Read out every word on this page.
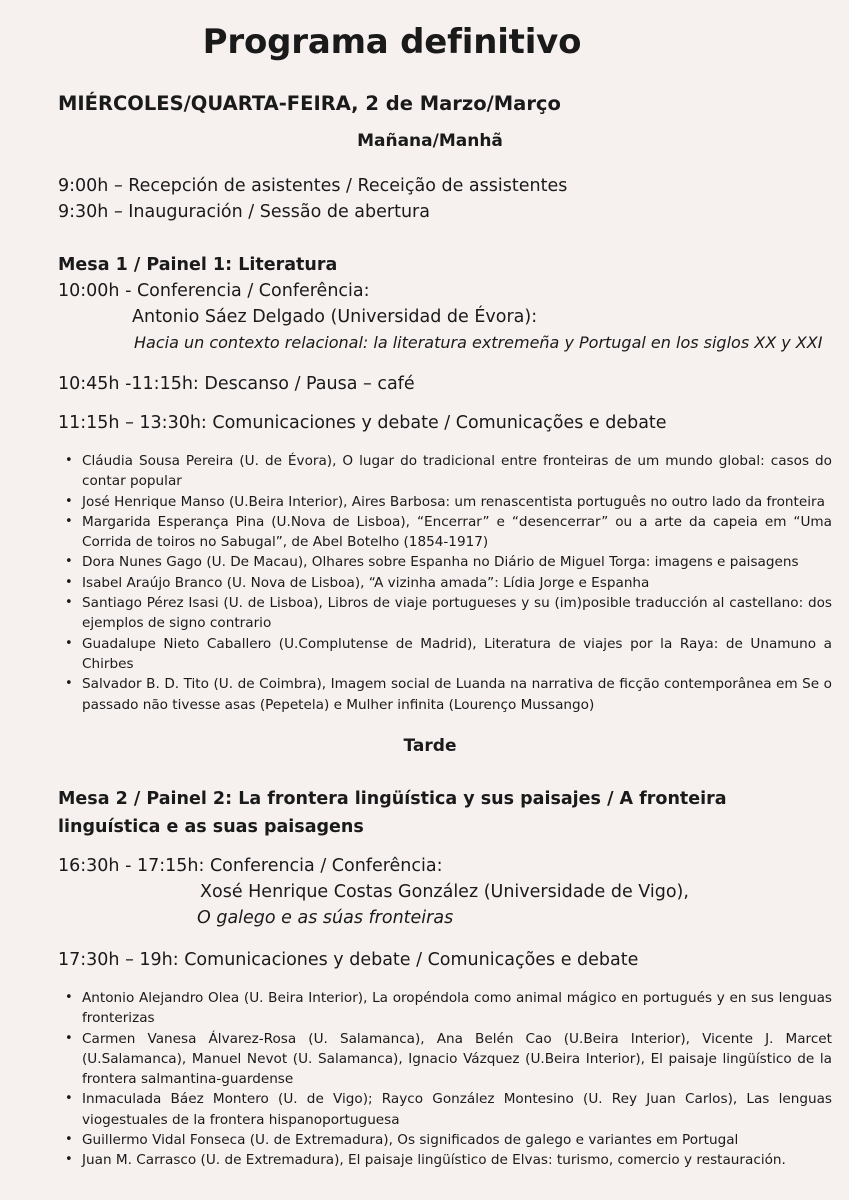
Programa definitivo
MIÉRCOLES/QUARTA-FEIRA, 2 de Marzo/Março
Mañana/Manhã
9:00h – Recepción de asistentes / Receição de assistentes
9:30h – Inauguración / Sessão de abertura
Mesa 1 / Painel 1: Literatura
10:00h - Conferencia / Conferência:
Antonio Sáez Delgado (Universidad de Évora):
Hacia un contexto relacional: la literatura extremeña y Portugal en los siglos XX y XXI
10:45h -11:15h: Descanso / Pausa – café
11:15h – 13:30h: Comunicaciones y debate / Comunicações e debate
• Cláudia Sousa Pereira (U. de Évora), O lugar do tradicional entre fronteiras de um mundo global: casos do contar popular
• José Henrique Manso (U.Beira Interior), Aires Barbosa: um renascentista português no outro lado da fronteira
• Margarida Esperança Pina (U.Nova de Lisboa), “Encerrar” e “desencerrar” ou a arte da capeia em “Uma Corrida de toiros no Sabugal”, de Abel Botelho (1854-1917)
• Dora Nunes Gago (U. De Macau), Olhares sobre Espanha no Diário de Miguel Torga: imagens e paisagens
• Isabel Araújo Branco (U. Nova de Lisboa), “A vizinha amada”: Lídia Jorge e Espanha
• Santiago Pérez Isasi (U. de Lisboa), Libros de viaje portugueses y su (im)posible traducción al castellano: dos ejemplos de signo contrario
• Guadalupe Nieto Caballero (U.Complutense de Madrid), Literatura de viajes por la Raya: de Unamuno a Chirbes
• Salvador B. D. Tito (U. de Coimbra), Imagem social de Luanda na narrativa de ficção contemporânea em Se o passado não tivesse asas (Pepetela) e Mulher infinita (Lourenço Mussango)
Tarde
Mesa 2 / Painel 2: La frontera lingüística y sus paisajes / A fronteira linguística e as suas paisagens
16:30h - 17:15h: Conferencia / Conferência:
Xosé Henrique Costas González (Universidade de Vigo),
O galego e as súas fronteiras
17:30h – 19h: Comunicaciones y debate / Comunicações e debate
• Antonio Alejandro Olea (U. Beira Interior), La oropéndola como animal mágico en portugués y en sus lenguas fronterizas
• Carmen Vanesa Álvarez-Rosa (U. Salamanca), Ana Belén Cao (U.Beira Interior), Vicente J. Marcet (U.Salamanca), Manuel Nevot (U. Salamanca), Ignacio Vázquez (U.Beira Interior), El paisaje lingüístico de la frontera salmantina-guardense
• Inmaculada Báez Montero (U. de Vigo); Rayco González Montesino (U. Rey Juan Carlos), Las lenguas viogestuales de la frontera hispanoportuguesa
• Guillermo Vidal Fonseca (U. de Extremadura), Os significados de galego e variantes em Portugal
• Juan M. Carrasco (U. de Extremadura), El paisaje lingüístico de Elvas: turismo, comercio y restauración.
